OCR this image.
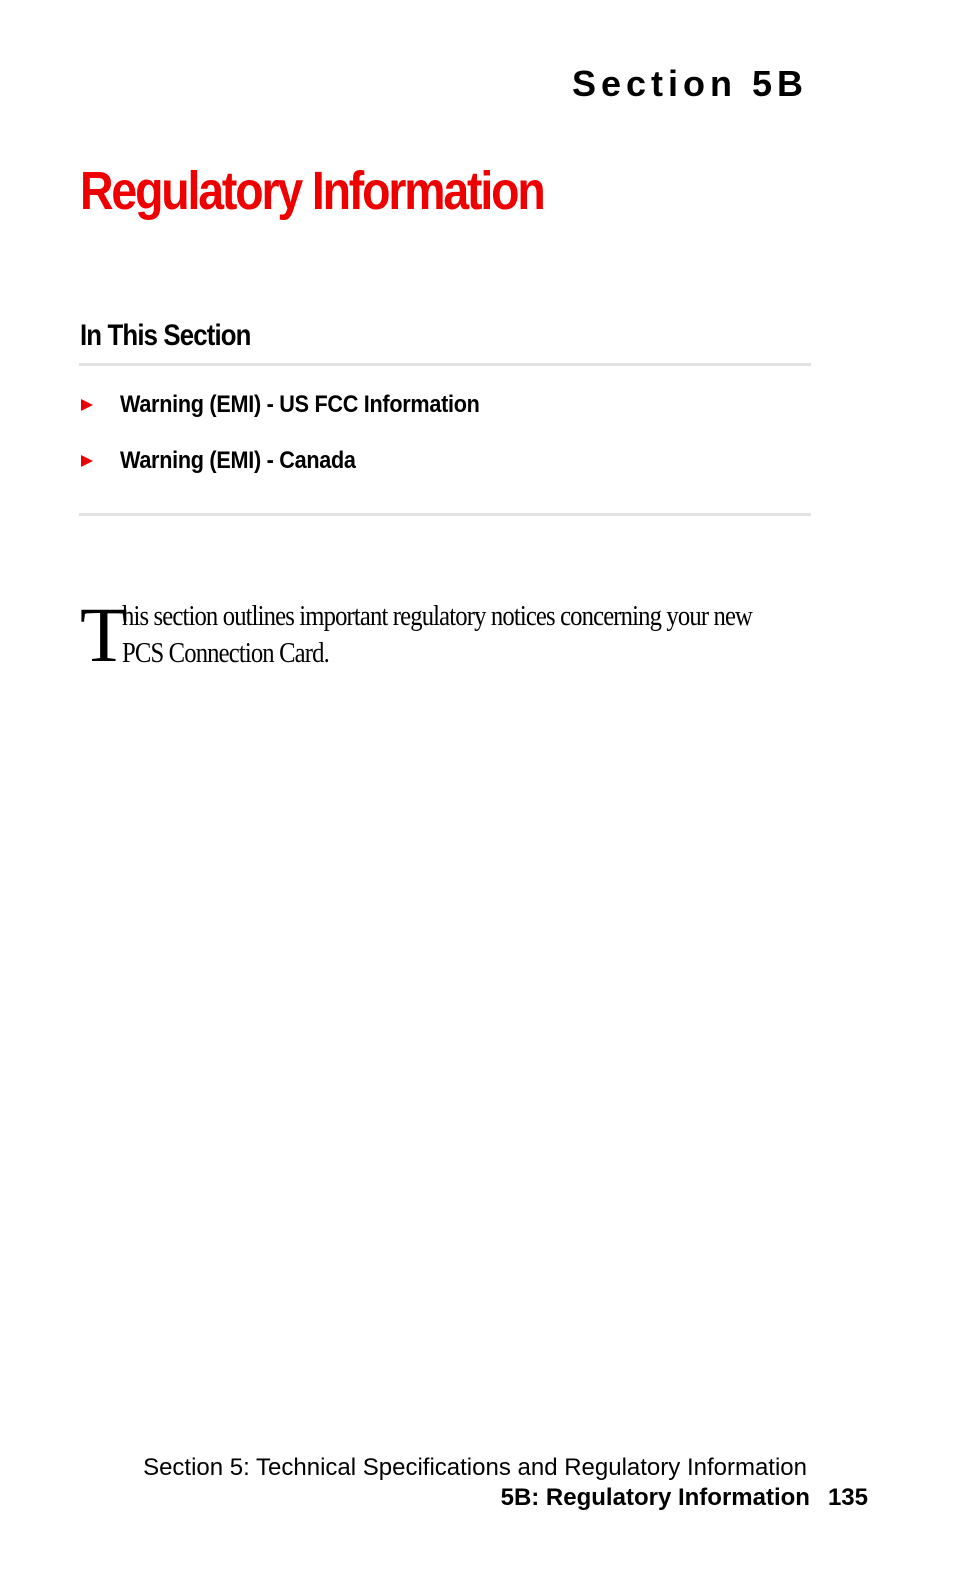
Section 5B
Regulatory Information
In This Section
Warning (EMI) - US FCC Information
Warning (EMI) - Canada
T

his section outlines important regulatory notices concerning your new PCS Connection Card.

Section 5: Technical Specifications and Regulatory Information
5B: Regulatory Information 135
